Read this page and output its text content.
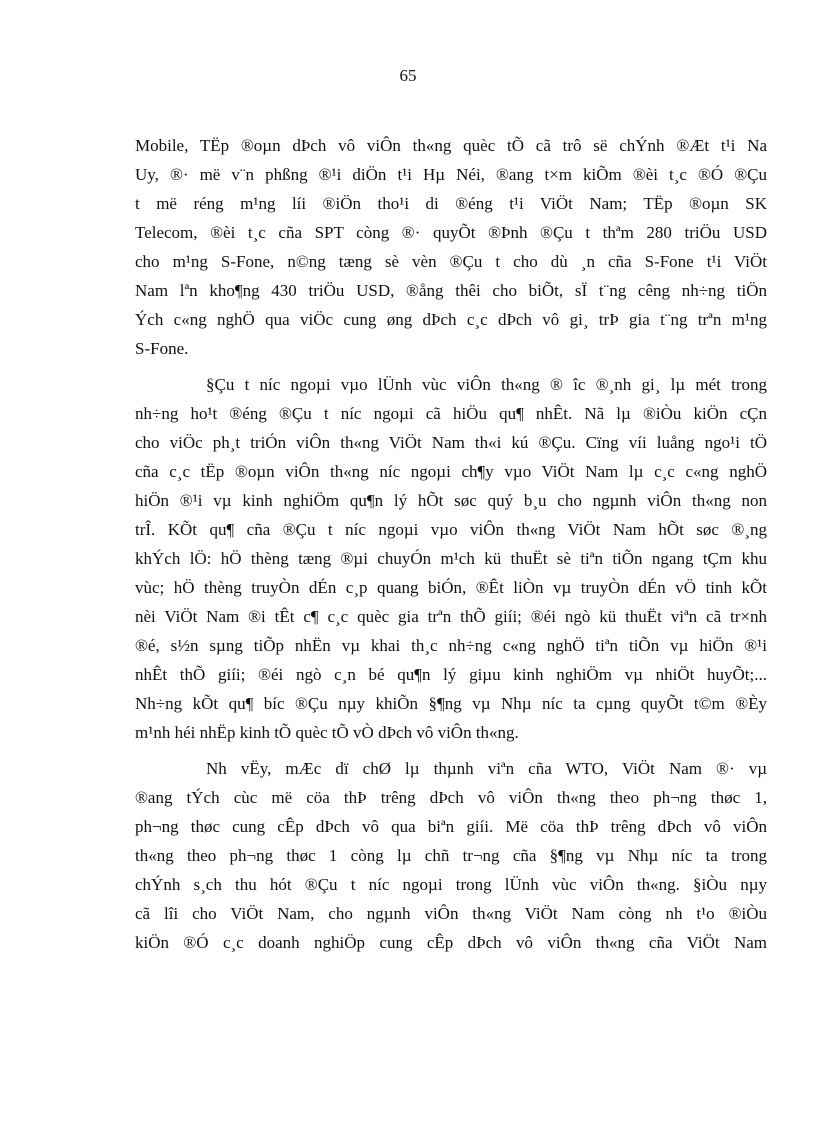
65
Mobile, TËp ®oµn dÞch vô viÔn th«ng quèc tÕ cã trô së chÝnh ®Æt t¹i Na
Uy, ®· më v¨n phßng ®¹i diÖn t¹i Hµ Néi, ®ang t×m kiÕm ®èi t¸c ®Ó ®Çu
t më réng m¹ng líi ®iÖn tho¹i di ®éng t¹i ViÖt Nam; TËp ®oµn SK
Telecom, ®èi t¸c cña SPT còng ®· quyÕt ®Þnh ®Çu t thªm 280 triÖu USD
cho m¹ng S-Fone, n©ng tæng sè vèn ®Çu t cho dù ¸n cña S-Fone t¹i ViÖt
Nam lªn kho¶ng 430 triÖu USD, ®ång thêi cho biÕt, sÏ t¨ng cêng nh÷ng tiÖn
Ých c«ng nghÖ qua viÖc cung øng dÞch c¸c dÞch vô gi¸ trÞ gia t¨ng trªn m¹ng
S-Fone.
§Çu t níc ngoµi vµo lÜnh vùc viÔn th«ng ® îc ®¸nh gi¸ lµ mét trong
nh÷ng ho¹t ®éng ®Çu t níc ngoµi cã hiÖu qu¶ nhÊt. Nã lµ ®iÒu kiÖn cÇn
cho viÖc ph¸t triÓn viÔn th«ng ViÖt Nam th«i kú ®Çu. Cïng víi luång ngo¹i tÖ
cña c¸c tËp ®oµn viÔn th«ng níc ngoµi ch¶y vµo ViÖt Nam lµ c¸c c«ng nghÖ
hiÖn ®¹i vµ kinh nghiÖm qu¶n lý hÕt søc quý b¸u cho ngµnh viÔn th«ng non
trÎ. KÕt qu¶ cña ®Çu t níc ngoµi vµo viÔn th«ng ViÖt Nam hÕt søc ®¸ng
khÝch lÖ: hÖ thèng tæng ®µi chuyÓn m¹ch kü thuËt sè tiªn tiÕn ngang tÇm khu
vùc; hÖ thèng truyÒn dÉn c¸p quang biÓn, ®Êt liÒn vµ truyÒn dÉn vÖ tinh kÕt
nèi ViÖt Nam ®i tÊt c¶ c¸c quèc gia trªn thÕ giíi; ®éi ngò kü thuËt viªn cã tr×nh
®é, s½n sµng tiÕp nhËn vµ khai th¸c nh÷ng c«ng nghÖ tiªn tiÕn vµ hiÖn ®¹i
nhÊt thÕ giíi; ®éi ngò c¸n bé qu¶n lý giµu kinh nghiÖm vµ nhiÖt huyÕt;...
Nh÷ng kÕt qu¶ bíc ®Çu nµy khiÕn §¶ng vµ Nhµ níc ta cµng quyÕt t©m ®Èy
m¹nh héi nhËp kinh tÕ quèc tÕ vÒ dÞch vô viÔn th«ng.
Nh vËy, mÆc dï chØ lµ thµnh viªn cña WTO, ViÖt Nam ®· vµ
®ang tÝch cùc më cöa thÞ trêng dÞch vô viÔn th«ng theo ph¬ng thøc 1,
ph¬ng thøc cung cÊp dÞch vô qua biªn giíi. Më cöa thÞ trêng dÞch vô viÔn
th«ng theo ph¬ng thøc 1 còng lµ chñ tr¬ng cña §¶ng vµ Nhµ níc ta trong
chÝnh s¸ch thu hót ®Çu t níc ngoµi trong lÜnh vùc viÔn th«ng. §iÒu nµy
cã lîi cho ViÖt Nam, cho ngµnh viÔn th«ng ViÖt Nam còng nh t¹o ®iÒu
kiÖn ®Ó c¸c doanh nghiÖp cung cÊp dÞch vô viÔn th«ng cña ViÖt Nam
